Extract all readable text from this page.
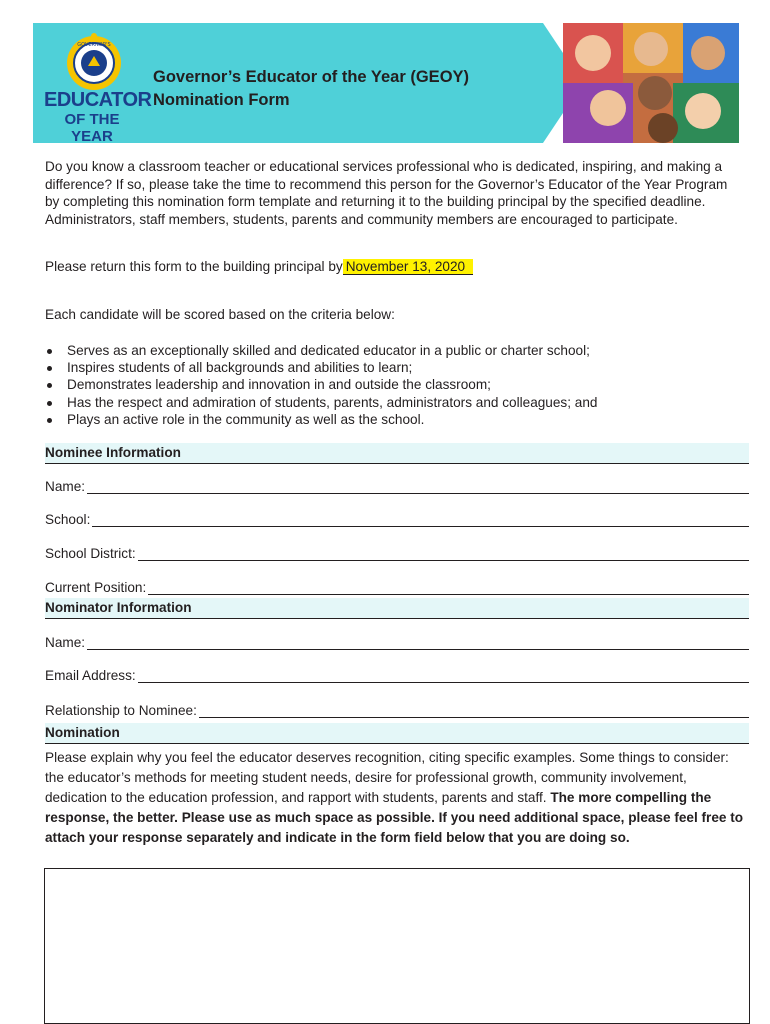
GOVERNOR'S
EDUCATOR
OF THE YEAR
Governor’s Educator of the Year (GEOY)
Nomination Form

Do you know a classroom teacher or educational services professional who is dedicated, inspiring, and making a difference? If so, please take the time to recommend this person for the Governor’s Educator of the Year Program by completing this nomination form template and returning it to the building principal by the specified deadline. Administrators, staff members, students, parents and community members are encouraged to participate.

Please return this form to the building principal by November 13, 2020
Each candidate will be scored based on the criteria below:
Serves as an exceptionally skilled and dedicated educator in a public or charter school;
Inspires students of all backgrounds and abilities to learn;
Demonstrates leadership and innovation in and outside the classroom;
Has the respect and admiration of students, parents, administrators and colleagues; and
Plays an active role in the community as well as the school.
Nominee Information
Name:
School:
School District:
Current Position:
Nominator Information
Name:
Email Address:
Relationship to Nominee:
Nomination

Please explain why you feel the educator deserves recognition, citing specific examples. Some things to consider: the educator’s methods for meeting student needs, desire for professional growth, community involvement, dedication to the education profession, and rapport with students, parents and staff. The more compelling the response, the better. Please use as much space as possible. If you need additional space, please feel free to attach your response separately and indicate in the form field below that you are doing so.
